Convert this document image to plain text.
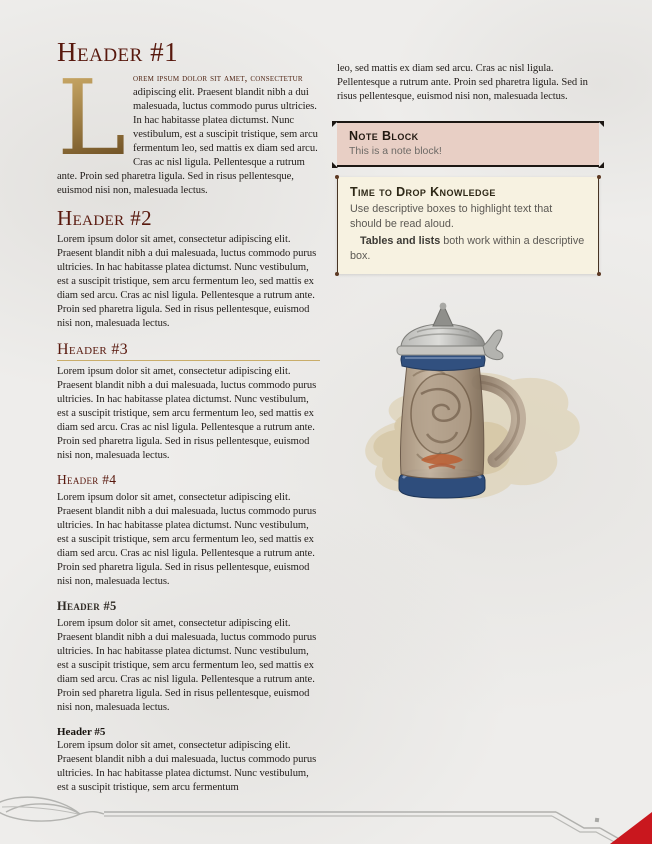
Header #1

L orem ipsum dolor sit amet, consectetur adipiscing elit. Praesent blandit nibh a dui malesuada, luctus commodo purus ultricies. In hac habitasse platea dictumst. Nunc vestibulum, est a suscipit tristique, sem arcu fermentum leo, sed mattis ex diam sed arcu. Cras ac nisl ligula. Pellentesque a rutrum ante. Proin sed pharetra ligula. Sed in risus pellentesque, euismod nisi non, malesuada lectus.

Header #2

Lorem ipsum dolor sit amet, consectetur adipiscing elit. Praesent blandit nibh a dui malesuada, luctus commodo purus ultricies. In hac habitasse platea dictumst. Nunc vestibulum, est a suscipit tristique, sem arcu fermentum leo, sed mattis ex diam sed arcu. Cras ac nisl ligula. Pellentesque a rutrum ante. Proin sed pharetra ligula. Sed in risus pellentesque, euismod nisi non, malesuada lectus.

Header #3

Lorem ipsum dolor sit amet, consectetur adipiscing elit. Praesent blandit nibh a dui malesuada, luctus commodo purus ultricies. In hac habitasse platea dictumst. Nunc vestibulum, est a suscipit tristique, sem arcu fermentum leo, sed mattis ex diam sed arcu. Cras ac nisl ligula. Pellentesque a rutrum ante. Proin sed pharetra ligula. Sed in risus pellentesque, euismod nisi non, malesuada lectus.

Header #4

Lorem ipsum dolor sit amet, consectetur adipiscing elit. Praesent blandit nibh a dui malesuada, luctus commodo purus ultricies. In hac habitasse platea dictumst. Nunc vestibulum, est a suscipit tristique, sem arcu fermentum leo, sed mattis ex diam sed arcu. Cras ac nisl ligula. Pellentesque a rutrum ante. Proin sed pharetra ligula. Sed in risus pellentesque, euismod nisi non, malesuada lectus.

Header #5

Lorem ipsum dolor sit amet, consectetur adipiscing elit. Praesent blandit nibh a dui malesuada, luctus commodo purus ultricies. In hac habitasse platea dictumst. Nunc vestibulum, est a suscipit tristique, sem arcu fermentum leo, sed mattis ex diam sed arcu. Cras ac nisl ligula. Pellentesque a rutrum ante. Proin sed pharetra ligula. Sed in risus pellentesque, euismod nisi non, malesuada lectus.

Header #5

Lorem ipsum dolor sit amet, consectetur adipiscing elit. Praesent blandit nibh a dui malesuada, luctus commodo purus ultricies. In hac habitasse platea dictumst. Nunc vestibulum, est a suscipit tristique, sem arcu fermentum

leo, sed mattis ex diam sed arcu. Cras ac nisl ligula. Pellentesque a rutrum ante. Proin sed pharetra ligula. Sed in risus pellentesque, euismod nisi non, malesuada lectus.

Note Block

This is a note block!

Time to Drop Knowledge

Use descriptive boxes to highlight text that should be read aloud.

Tables and lists both work within a descriptive box.
